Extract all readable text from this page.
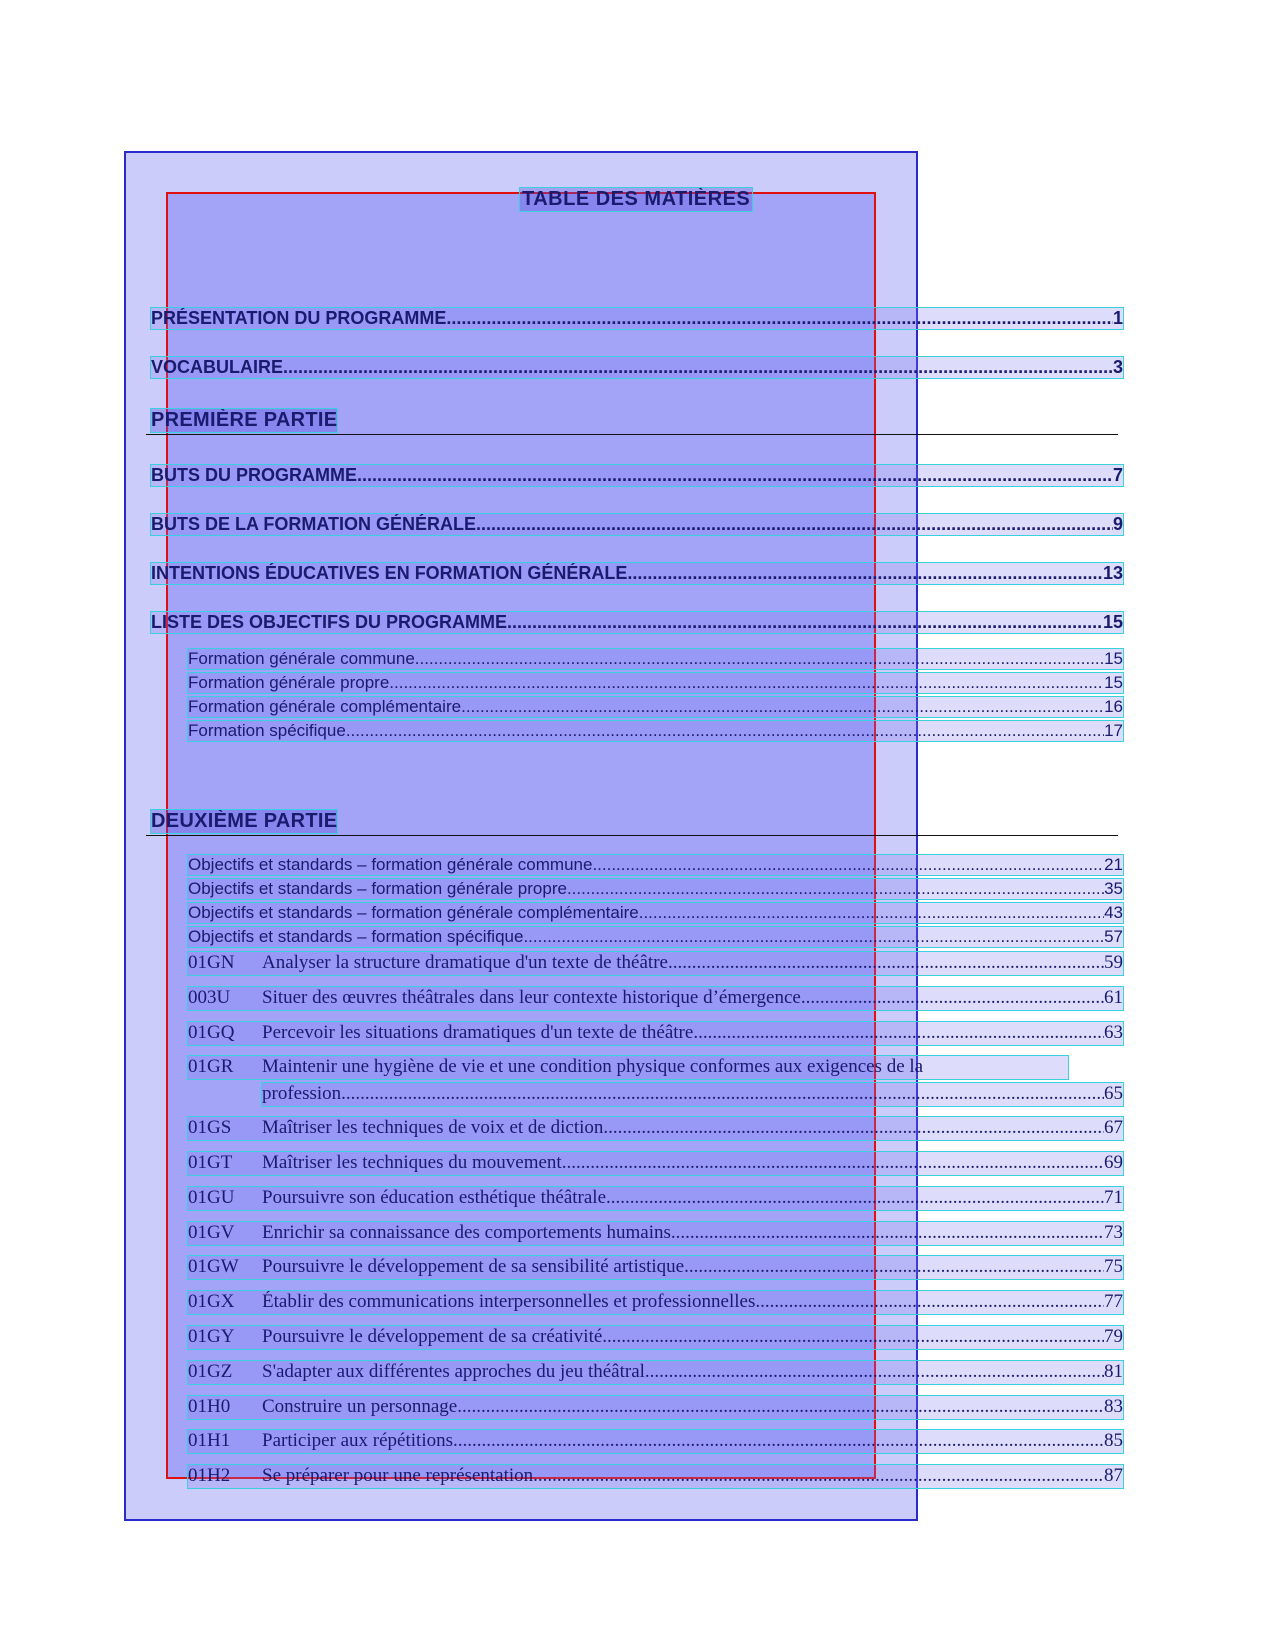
TABLE DES MATIÈRES
PRÉSENTATION DU PROGRAMME .....	1
VOCABULAIRE .....	3
PREMIÈRE PARTIE
BUTS DU PROGRAMME .....	7
BUTS DE LA FORMATION GÉNÉRALE .....	9
INTENTIONS ÉDUCATIVES EN FORMATION GÉNÉRALE .....	13
LISTE DES OBJECTIFS DU PROGRAMME .....	15
Formation générale commune .....	15
Formation générale propre .....	15
Formation générale complémentaire .....	16
Formation spécifique .....	17
DEUXIÈME PARTIE
Objectifs et standards – formation générale commune .....	21
Objectifs et standards – formation générale propre .....	35
Objectifs et standards – formation générale complémentaire .....	43
Objectifs et standards – formation spécifique .....	57
01GN	Analyser la structure dramatique d'un texte de théâtre. .....	59
003U	Situer des œuvres théâtrales dans leur contexte historique d’émergence. .....	61
01GQ	Percevoir les situations dramatiques d'un texte de théâtre. .....	63
01GR	Maintenir une hygiène de vie et une condition physique conformes aux exigences de la
profession. .....	65
01GS	Maîtriser les techniques de voix et de diction. .....	67
01GT	Maîtriser les techniques du mouvement. .....	69
01GU	Poursuivre son éducation esthétique théâtrale. .....	71
01GV	Enrichir sa connaissance des comportements humains. .....	73
01GW	Poursuivre le développement de sa sensibilité artistique. .....	75
01GX	Établir des communications interpersonnelles et professionnelles. .....	77
01GY	Poursuivre le développement de sa créativité. .....	79
01GZ	S'adapter aux différentes approches du jeu théâtral. .....	81
01H0	Construire un personnage. .....	83
01H1	Participer aux répétitions. .....	85
01H2	Se préparer pour une représentation. .....	87
